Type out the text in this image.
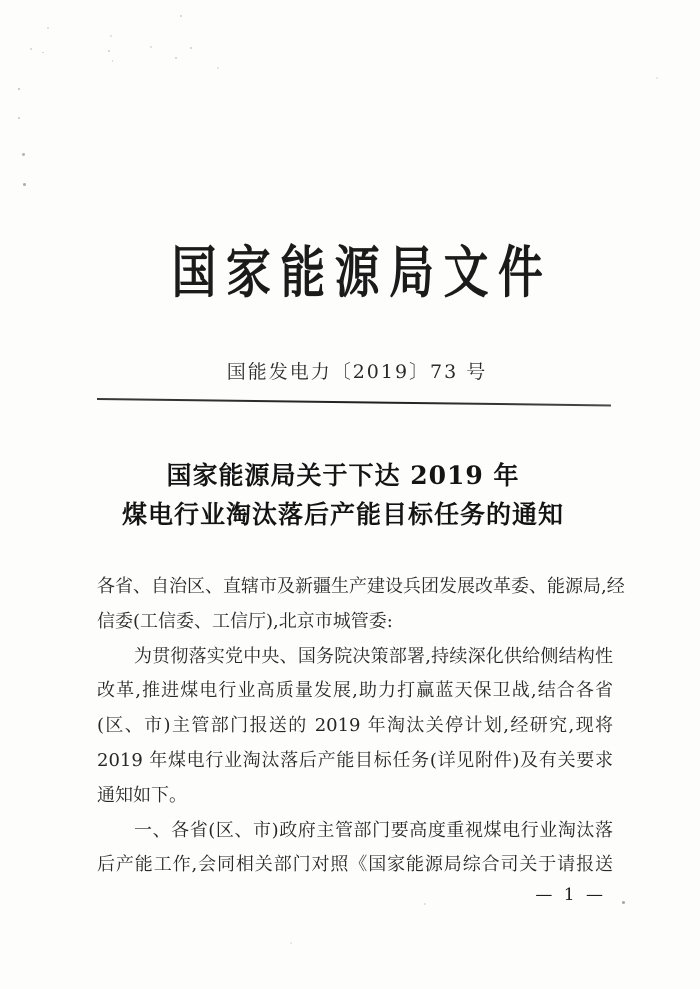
国家能源局文件
国能发电力〔2019〕73 号
国家能源局关于下达 2019 年
煤电行业淘汰落后产能目标任务的通知
各省、自治区、直辖市及新疆生产建设兵团发展改革委、能源局,经
信委(工信委、工信厅),北京市城管委:
为贯彻落实党中央、国务院决策部署,持续深化供给侧结构性
改革,推进煤电行业高质量发展,助力打赢蓝天保卫战,结合各省
(区、市)主管部门报送的 2019 年淘汰关停计划,经研究,现将
2019 年煤电行业淘汰落后产能目标任务(详见附件)及有关要求
通知如下。
一、各省(区、市)政府主管部门要高度重视煤电行业淘汰落
后产能工作,会同相关部门对照《国家能源局综合司关于请报送
— 1 —
